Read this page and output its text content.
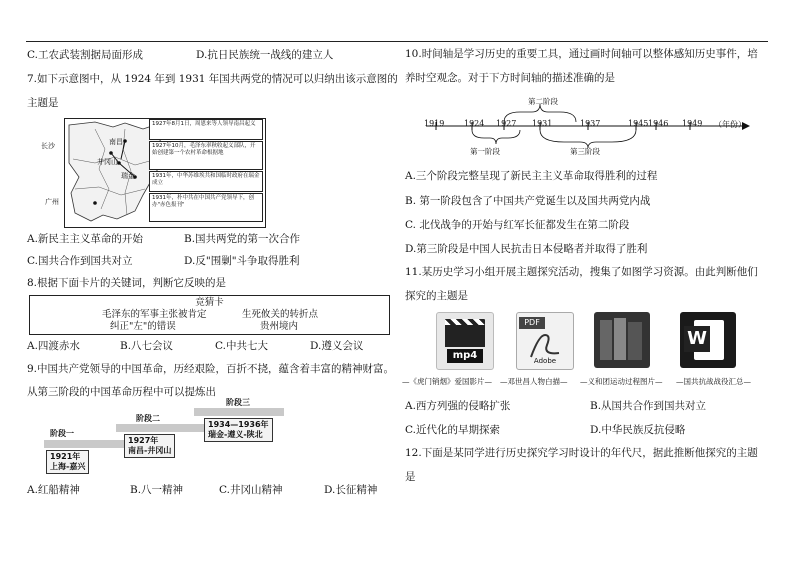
C.工农武装割据局面形成	D.抗日民族统一战线的建立人
7.如下示意图中，从 1924 年到 1931 年国共两党的情况可以归纳出该示意图的
主题是
长沙	南昌
井冈山
瑞金
广州
1927年8月1日，周恩来等人领导南昌起义
1927年10月，毛泽东率秋收起义部队，开始创建第一个农村革命根据地
1931年，中华苏维埃共和国临时政府在瑞金成立
1931年，朴中共在中国共产党领导下，创办"赤色报刊"
A.新民主主义革命的开始	B.国共两党的第一次合作
C.国共合作到国共对立	D.反"围剿"斗争取得胜利
8.根据下面卡片的关键词，判断它反映的是
竞猜卡
毛泽东的军事主张被肯定	生死攸关的转折点
纠正"左"的错误	贵州境内
A.四渡赤水	B.八七会议	C.中共七大	D.遵义会议
9.中国共产党领导的中国革命，历经艰险，百折不挠，蕴含着丰富的精神财富。
从第三阶段的中国革命历程中可以提炼出
阶段一
阶段二
阶段三
1921年
上海-嘉兴
1927年
南昌-井冈山
1934—1936年
瑞金-遵义-陕北
A.红船精神	B.八一精神	C.井冈山精神	D.长征精神
10.时间轴是学习历史的重要工具，通过画时间轴可以整体感知历史事件，培
养时空观念。对于下方时间轴的描述准确的是
1919 1924 1927 1931	1937	1945 1946 1949 （年份）
第二阶段
第一阶段	第三阶段
A.三个阶段完整呈现了新民主主义革命取得胜利的过程
B. 第一阶段包含了中国共产党诞生以及国共两党内战
C. 北伐战争的开始与红军长征都发生在第二阶段
D.第三阶段是中国人民抗击日本侵略者并取得了胜利
11.某历史学习小组开展主题探究活动，搜集了如图学习资源。由此判断他们
探究的主题是
mp4
PDF
Adobe
W
—《虎门销烟》爱国影片— —邓世昌人物白描— —义和团运动过程图片— —国共抗战战役汇总—
A.西方列强的侵略扩张	B.从国共合作到国共对立
C.近代化的早期探索	D.中华民族反抗侵略
12.下面是某同学进行历史探究学习时设计的年代尺，据此推断他探究的主题
是
